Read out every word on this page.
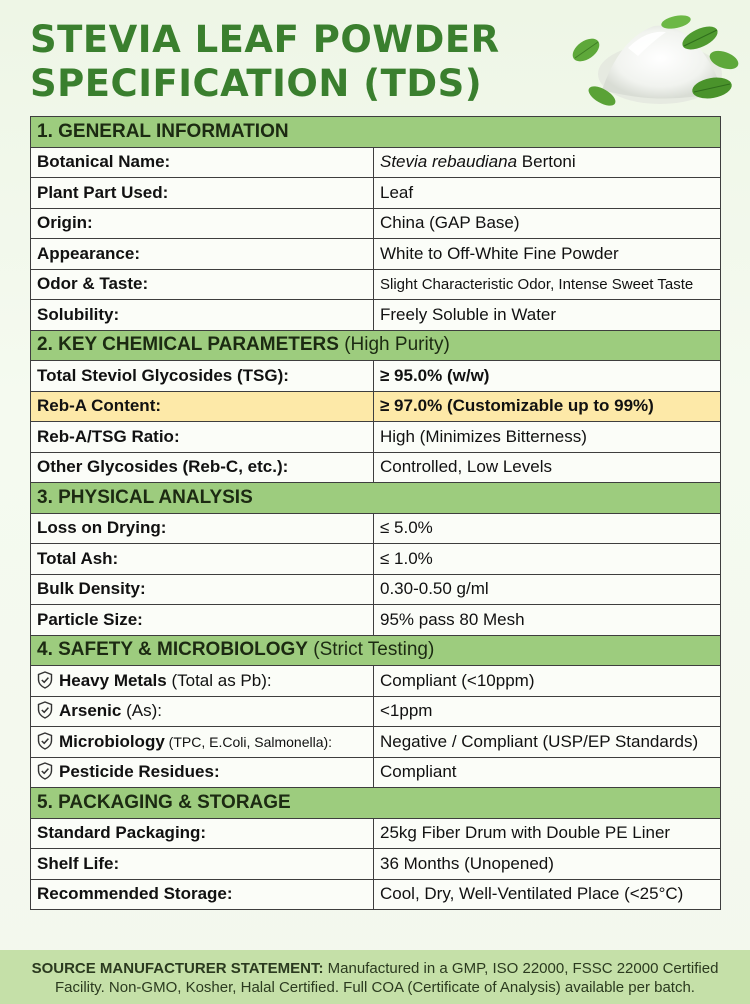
STEVIA LEAF POWDER
SPECIFICATION (TDS)
1. GENERAL INFORMATION	
Botanical Name:	Stevia rebaudiana Bertoni
Plant Part Used:	Leaf
Origin:	China (GAP Base)
Appearance:	White to Off-White Fine Powder
Odor & Taste:	Slight Characteristic Odor, Intense Sweet Taste
Solubility:	Freely Soluble in Water
2. KEY CHEMICAL PARAMETERS (High Purity)	
Total Steviol Glycosides (TSG):	≥ 95.0% (w/w)
Reb-A Content:	≥ 97.0% (Customizable up to 99%)
Reb-A/TSG Ratio:	High (Minimizes Bitterness)
Other Glycosides (Reb-C, etc.):	Controlled, Low Levels
3. PHYSICAL ANALYSIS	
Loss on Drying:	≤ 5.0%
Total Ash:	≤ 1.0%
Bulk Density:	0.30-0.50 g/ml
Particle Size:	95% pass 80 Mesh
4. SAFETY & MICROBIOLOGY (Strict Testing)	
Heavy Metals (Total as Pb):	Compliant (<10ppm)
Arsenic (As):	<1ppm
Microbiology (TPC, E.Coli, Salmonella):	Negative / Compliant (USP/EP Standards)
Pesticide Residues:	Compliant
5. PACKAGING & STORAGE	
Standard Packaging:	25kg Fiber Drum with Double PE Liner
Shelf Life:	36 Months (Unopened)
Recommended Storage:	Cool, Dry, Well-Ventilated Place (<25°C)
SOURCE MANUFACTURER STATEMENT: Manufactured in a GMP, ISO 22000, FSSC 22000 Certified
Facility. Non-GMO, Kosher, Halal Certified. Full COA (Certificate of Analysis) available per batch.
